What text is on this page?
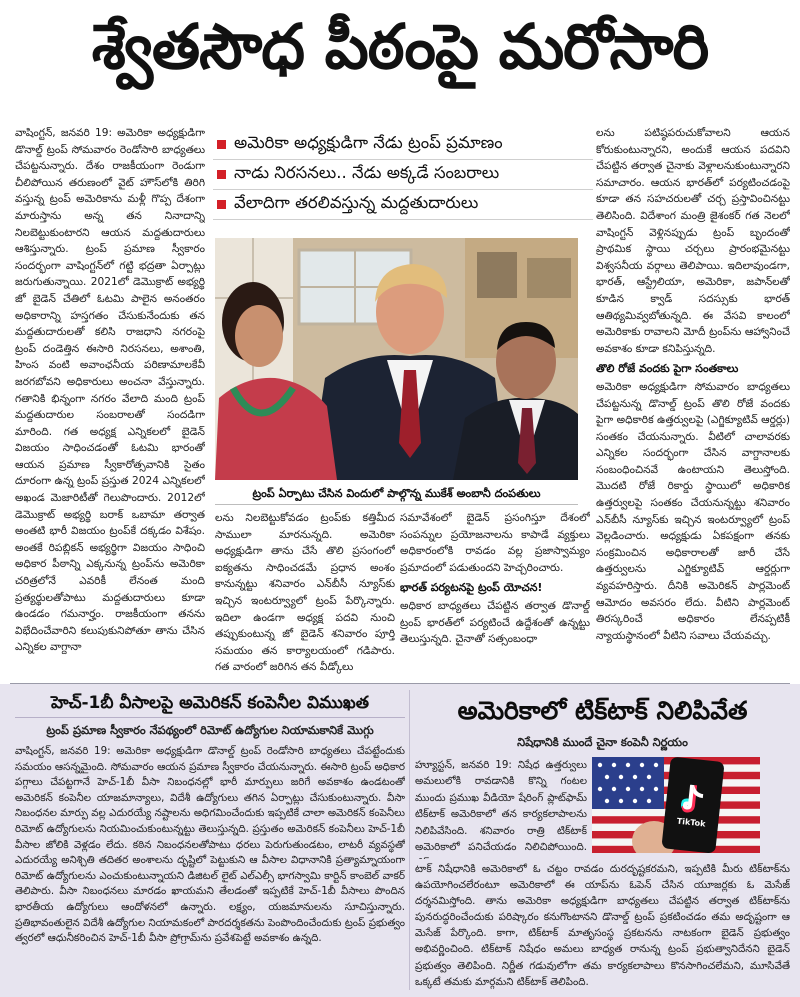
శ్వేతసౌధ పీఠంపై మరోసారి

వాషింగ్టన్, జనవరి 19: అమెరికా అధ్యక్షుడిగా డొనాల్డ్ ట్రంప్ సోమవారం రెండోసారి బాధ్యతలు చేపట్టనున్నారు. దేశం రాజకీయంగా రెండుగా చీలిపోయిన తరుణంలో వైట్ హౌస్‌లోకి తిరిగి వస్తున్న ట్రంప్ అమెరికాను మళ్లీ గొప్ప దేశంగా మారుస్తాను అన్న తన నినాదాన్ని నిలబెట్టుకుంటారని ఆయన మద్దతుదారులు ఆశిస్తున్నారు. ట్రంప్ ప్రమాణ స్వీకారం సందర్భంగా వాషింగ్టన్‌లో గట్టి భద్రతా ఏర్పాట్లు జరుగుతున్నాయి. 2021లో డెమొక్రాట్ అభ్యర్థి జో బైడెన్ చేతిలో ఓటమి పాలైన అనంతరం అధికారాన్ని హస్తగతం చేసుకునేందుకు తన మద్దతుదారులతో కలిసి రాజధాని నగరంపై ట్రంప్ దండెత్తిన ఈసారి నిరసనలు, అశాంతి, హింస వంటి అవాంఛనీయ పరిణామాలకేవీ జరగబోవని అధికారులు అంచనా వేస్తున్నారు. గతానికి భిన్నంగా నగరం వేలాది మంది ట్రంప్ మద్దతుదారుల సంబరాలతో సందడిగా మారింది. గత అధ్యక్ష ఎన్నికలలో బైడెన్ విజయం సాధించడంతో ఓటమి భారంతో ఆయన ప్రమాణ స్వీకారోత్సవానికి సైతం దూరంగా ఉన్న ట్రంప్ ప్రస్తుత 2024 ఎన్నికలలో అఖండ మెజారిటీతో గెలుపొందారు. 2012లో డెమొక్రాట్ అభ్యర్థి బరాక్ ఒబామా తర్వాత అంతటి భారీ విజయం ట్రంప్‌కే దక్కడం విశేషం. అంతకే రిపబ్లికన్ అభ్యర్థిగా విజయం సాధించి అధికార పీఠాన్ని ఎక్కనున్న ట్రంప్‌ను అమెరికా చరిత్రలోనే ఎవరికీ లేనంత మంది ప్రత్యర్థులతోపాటు మద్దతుదారులు కూడా ఉండడం గమనార్హం. రాజకీయంగా తనను విభేదించేవారిని కలుపుకునిపోతూ తాను చేసిన ఎన్నికల వాగ్దానా

అమెరికా అధ్యక్షుడిగా నేడు ట్రంప్ ప్రమాణం
నాడు నిరసనలు.. నేడు అక్కడే సంబరాలు
వేలాదిగా తరలివస్తున్న మద్దతుదారులు
ట్రంప్ ఏర్పాటు చేసిన విందులో పాల్గొన్న ముకేశ్ అంబానీ దంపతులు

లను నిలబెట్టుకోవడం ట్రంప్‌కు కత్తిమీద సాములా మారనున్నది. అమెరికా అధ్యక్షుడిగా తాను చేసే తొలి ప్రసంగంలో ఐక్యతను సాధించడమే ప్రధాన అంశం కానున్నట్టు శనివారం ఎన్‌బీసీ న్యూస్‌కు ఇచ్చిన ఇంటర్వ్యూలో ట్రంప్ పేర్కొన్నారు. ఇదిలా ఉండగా అధ్యక్ష పదవి నుంచి తప్పుకుంటున్న జో బైడెన్ శనివారం పూర్తి సమయం తన కార్యాలయంలో గడిపారు. గత వారంలో జరిగిన తన వీడ్కోలు

సమావేశంలో బైడెన్ ప్రసంగిస్తూ దేశంలో సంపన్నుల ప్రయోజనాలను కాపాడే వ్యక్తులు అధికారంలోకి రావడం వల్ల ప్రజాస్వామ్యం ప్రమాదంలో పడుతుందని హెచ్చరించారు.

భారత్ పర్యటనపై ట్రంప్ యోచన!

అధికార బాధ్యతలు చేపట్టిన తర్వాత డొనాల్డ్ ట్రంప్ భారత్‌లో పర్యటించే ఉద్దేశంతో ఉన్నట్టు తెలుస్తున్నది. చైనాతో సత్సంబంధా

లను పటిష్ఠపరుచుకోవాలని ఆయన కోరుకుంటున్నారని, అందుకే ఆయన పదవిని చేపట్టిన తర్వాత చైనాకు వెళ్లాలనుకుంటున్నారని సమాచారం. ఆయన భారత్‌లో పర్యటించడంపై కూడా తన సహచరులతో చర్చ ప్రస్తావించినట్టు తెలిసింది. విదేశాంగ మంత్రి జైశంకర్ గత నెలలో వాషింగ్టన్ వెళ్లినప్పుడు ట్రంప్ బృందంతో ప్రాథమిక స్థాయి చర్చలు ప్రారంభమైనట్టు విశ్వసనీయ వర్గాలు తెలిపాయి. ఇదిలావుండగా, భారత్, ఆస్ట్రేలియా, అమెరికా, జపాన్‌లతో కూడిన క్వాడ్ సదస్సుకు భారత్ ఆతిథ్యమివ్వబోతున్నది. ఈ వేసవి కాలంలో అమెరికాకు రావాలని మోదీ ట్రంప్‌ను ఆహ్వానించే అవకాశం కూడా కనిపిస్తున్నది.

తొలి రోజే వందకు పైగా సంతకాలు

అమెరికా అధ్యక్షుడిగా సోమవారం బాధ్యతలు చేపట్టనున్న డొనాల్డ్ ట్రంప్ తొలి రోజే వందకు పైగా అధికారిక ఉత్తర్వులపై (ఎగ్జిక్యూటివ్ ఆర్డర్లు) సంతకం చేయనున్నారు. వీటిలో చాలావరకు ఎన్నికల సందర్భంగా చేసిన వాగ్దానాలకు సంబంధించినవే ఉంటాయని తెలుస్తోంది. మొదటి రోజే రికార్డు స్థాయిలో అధికారిక ఉత్తర్వులపై సంతకం చేయనున్నట్టు శనివారం ఎన్‌బీసీ న్యూస్‌కు ఇచ్చిన ఇంటర్వ్యూలో ట్రంప్ వెల్లడించారు. అధ్యక్షుడు ఏకపక్షంగా తనకు సంక్రమించిన అధికారాలతో జారీ చేసే ఉత్తర్వులను ఎగ్జిక్యూటివ్ ఆర్డర్లుగా వ్యవహరిస్తారు. దీనికి అమెరికన్ పార్లమెంట్ ఆమోదం అవసరం లేదు. వీటిని పార్లమెంట్ తిరస్కరించే అధికారం లేనప్పటికీ న్యాయస్థానంలో వీటిని సవాలు చేయవచ్చు.

హెచ్-1బీ వీసాలపై అమెరికన్ కంపెనీల విముఖత
ట్రంప్ ప్రమాణ స్వీకారం నేపథ్యంలో రిమోట్ ఉద్యోగుల నియామకానికే మొగ్గు

వాషింగ్టన్, జనవరి 19: అమెరికా అధ్యక్షుడిగా డొనాల్డ్ ట్రంప్ రెండోసారి బాధ్యతలు చేపట్టేందుకు సమయం ఆసన్నమైంది. సోమవారం ఆయన ప్రమాణ స్వీకారం చేయనున్నారు. ఈసారి ట్రంప్ అధికార పగ్గాలు చేపట్టగానే హెచ్-1బీ వీసా నిబంధనల్లో భారీ మార్పులు జరిగే అవకాశం ఉండటంతో అమెరికన్ కంపెనీల యాజమాన్యాలు, విదేశీ ఉద్యోగులు తగిన ఏర్పాట్లు చేసుకుంటున్నారు. వీసా నిబంధనల మార్పు వల్ల ఎదురయ్యే నష్టాలను అధిగమించేందుకు ఇప్పటికే చాలా అమెరికన్ కంపెనీలు రిమోట్ ఉద్యోగులను నియమించుకుంటున్నట్టు తెలుస్తున్నది. ప్రస్తుతం అమెరికన్ కంపెనీలు హెచ్-1బీ వీసాల జోలికి వెళ్లడం లేదు. కఠిన నిబంధనలతోపాటు ధరలు పెరుగుతుండటం, లాటరీ వ్యవస్థతో ఎదురయ్యే అనిశ్చితి తదితర అంశాలను దృష్టిలో పెట్టుకుని ఆ వీసాల విధానానికి ప్రత్యామ్నాయంగా రిమోట్ ఉద్యోగులను ఎంచుకుంటున్నాయని డిజిటల్ లైట్ ఎల్ఎల్సీ భాగస్వామి కార్టిన్ కాంబెల్ వాకర్ తెలిపారు. వీసా నిబంధనలు మారడం ఖాయమని తేలడంతో ఇప్పటికే హెచ్-1బీ వీసాలు పొందిన భారతీయ ఉద్యోగులు ఆందోళనలో ఉన్నారు. లక్ష్యం, యజమానులను సూచిస్తున్నారు. ప్రతిభావంతులైన విదేశీ ఉద్యోగుల నియామకంలో పారదర్శకతను పెంపొందించేందుకు ట్రంప్ ప్రభుత్వం త్వరలో ఆధునీకరించిన హెచ్-1బీ వీసా ప్రోగ్రామ్‌ను ప్రవేశపెట్టే అవకాశం ఉన్నది.

అమెరికాలో టిక్‌టాక్ నిలిపివేత
నిషేధానికి ముందే చైనా కంపెనీ నిర్ణయం

హ్యూస్టన్, జనవరి 19: నిషేధ ఉత్తర్వులు అమలులోకి రావడానికి కొన్ని గంటల ముందు ప్రముఖ వీడియో షేరింగ్ ప్లాట్‌ఫామ్ టిక్‌టాక్ అమెరికాలో తన కార్యకలాపాలను నిలిపివేసింది. శనివారం రాత్రి టిక్‌టాక్ అమెరికాలో పనిచేయడం నిలిచిపోయింది.

TikTok

టాక్ నిషేధానికి అమెరికాలో ఓ చట్టం రావడం దురదృష్టకరమని, ఇప్పటికి మీరు టిక్‌టాక్‌ను ఉపయోగించలేరంటూ అమెరికాలో ఈ యాప్‌ను ఓపెన్ చేసిన యూజర్లకు ఓ మెసేజ్ దర్శనమిస్తోంది. తాను అమెరికా అధ్యక్షుడిగా బాధ్యతలు చేపట్టిన తర్వాత టిక్‌టాక్‌ను పునరుద్ధరించేందుకు పరిష్కారం కనుగొంటానని డొనాల్డ్ ట్రంప్ ప్రకటించడం తమ అదృష్టంగా ఆ మెసేజ్ పేర్కొంది. కాగా, టిక్‌టాక్ మాతృసంస్థ ప్రకటనను నాటకంగా బైడెన్ ప్రభుత్వం అభివర్ణించింది. టిక్‌టాక్ నిషేధం అమలు బాధ్యత రానున్న ట్రంప్ ప్రభుత్వానిదేనని బైడెన్ ప్రభుత్వం తెలిపింది. నిర్ణీత గడువులోగా తమ కార్యకలాపాలు కొనసాగించలేమని, మూసివేతే ఒక్కటే తమకు మార్గమని టిక్‌టాక్ తెలిపింది.
